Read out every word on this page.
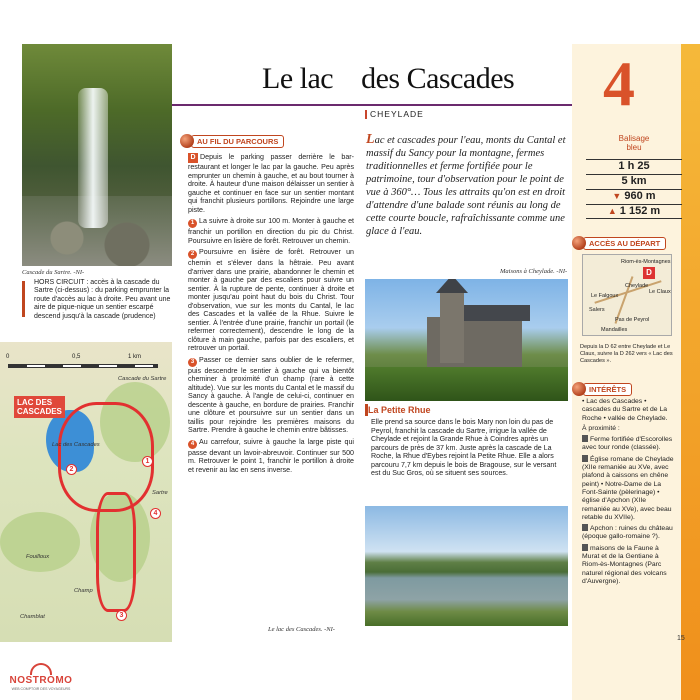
Cascade du Sartre. -NI-	Maisons à Cheylade. -NI-
Le lac des Cascades. -NI-
Le lac    des Cascades
CHEYLADE	4
Balisage
bleu
1 h 25
5 km
▼ 960 m
▲ 1 152 m
ACCÈS AU DÉPART
D
Riom-ès-Montagnes
Cheylade
Le Claux
Le Falgoux
Salers
Pas de Peyrol
Mandailles
Depuis la D 62 entre Cheylade et Le Claux, suivre la D 262 vers « Lac des Cascades ».
INTÉRÊTS
• Lac des Cascades • cascades du Sartre et de La Roche • vallée de Cheylade.
À proximité :
Ferme fortifiée d'Escorolles avec tour ronde (classée).
Église romane de Cheylade (XIIe remaniée au XVe, avec plafond à caissons en chêne peint) • Notre-Dame de La Font-Sainte (pèlerinage) • église d'Apchon (XIIe remaniée au XVe), avec beau retable du XVIIe).
Apchon : ruines du château (époque gallo-romaine ?).
maisons de la Faune à Murat et de la Gentiane à Riom-ès-Montagnes (Parc naturel régional des volcans d'Auvergne).
AU FIL DU PARCOURS

D Depuis le parking passer derrière le bar-restaurant et longer le lac par la gauche. Peu après emprunter un chemin à gauche, et au bout tourner à droite. À hauteur d'une maison délaisser un sentier à gauche et continuer en face sur un sentier montant qui franchit plusieurs portillons. Rejoindre une large piste.

1 La suivre à droite sur 100 m. Monter à gauche et franchir un portillon en direction du pic du Christ. Poursuivre en lisière de forêt. Retrouver un chemin.

2 Poursuivre en lisière de forêt. Retrouver un chemin et s'élever dans la hêtraie. Peu avant d'arriver dans une prairie, abandonner le chemin et monter à gauche par des escaliers pour suivre un sentier. À la rupture de pente, continuer à droite et monter jusqu'au point haut du bois du Christ. Tour d'observation, vue sur les monts du Cantal, le lac des Cascades et la vallée de la Rhue. Suivre le sentier. À l'entrée d'une prairie, franchir un portail (le refermer correctement), descendre le long de la clôture à main gauche, parfois par des escaliers, et retrouver un portail.

3 Passer ce dernier sans oublier de le refermer, puis descendre le sentier à gauche qui va bientôt cheminer à proximité d'un champ (rare à cette altitude). Vue sur les monts du Cantal et le massif du Sancy à gauche. À l'angle de celui-ci, continuer en descente à gauche, en bordure de prairies. Franchir une clôture et poursuivre sur un sentier dans un taillis pour rejoindre les premières maisons du Sartre. Prendre à gauche le chemin entre bâtisses.

4 Au carrefour, suivre à gauche la large piste qui passe devant un lavoir-abreuvoir. Continuer sur 500 m. Retrouver le point 1, franchir le portillon à droite et revenir au lac en sens inverse.

Lac et cascades pour l'eau, monts du Cantal et massif du Sancy pour la montagne, fermes traditionnelles et ferme fortifiée pour le patrimoine, tour d'observation pour le point de vue à 360°… Tous les attraits qu'on est en droit d'attendre d'une balade sont réunis au long de cette courte boucle, rafraîchissante comme une glace à l'eau.
HORS CIRCUIT : accès à la cascade du Sartre (ci-dessus) : du parking emprunter la route d'accès au lac à droite. Peu avant une aire de pique-nique un sentier escarpé descend jusqu'à la cascade (prudence)
0	0,5	1 km
LAC DES
CASCADES
Cascade du Sartre
Sartre
Lac des Cascades
Fouilloux
Champ
Chamblat
1
2
3
4
La Petite Rhue
Elle prend sa source dans le bois Mary non loin du pas de Peyrol, franchit la cascade du Sartre, irrigue la vallée de Cheylade et rejoint la Grande Rhue à Coindres après un parcours de près de 37 km. Juste après la cascade de La Roche, la Rhue d'Eybes rejoint la Petite Rhue. Elle a alors parcouru 7,7 km depuis le bois de Bragouse, sur le versant est du Suc Gros, où se situent ses sources.
NOSTROMO
WEB COMPTOIR DES VOYAGEURS
15
